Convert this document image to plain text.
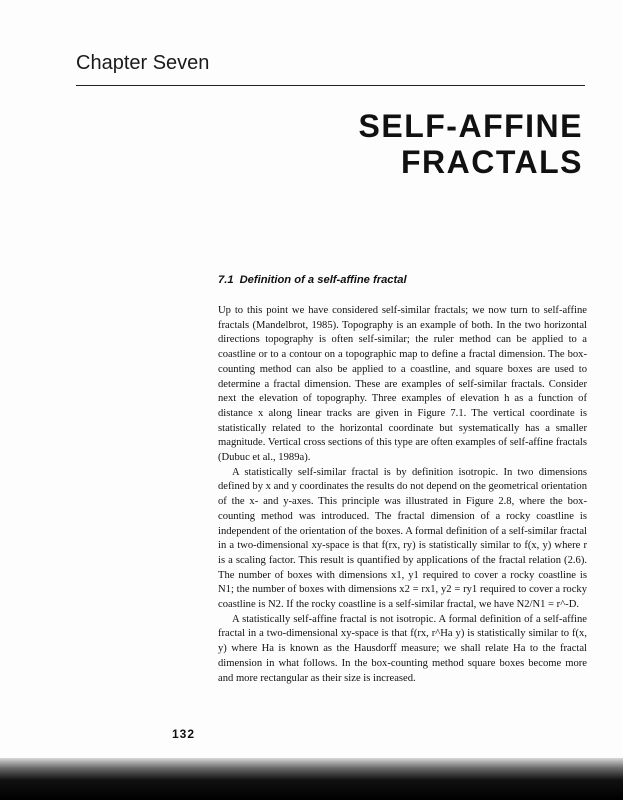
Chapter Seven
SELF-AFFINE
FRACTALS
7.1 Definition of a self-affine fractal

Up to this point we have considered self-similar fractals; we now turn to self-affine fractals (Mandelbrot, 1985). Topography is an example of both. In the two horizontal directions topography is often self-similar; the ruler method can be applied to a coastline or to a contour on a topographic map to define a fractal dimension. The box-counting method can also be applied to a coastline, and square boxes are used to determine a fractal dimension. These are examples of self-similar fractals. Consider next the elevation of topography. Three examples of elevation h as a function of distance x along linear tracks are given in Figure 7.1. The vertical coordinate is statistically related to the horizontal coordinate but systematically has a smaller magnitude. Vertical cross sections of this type are often examples of self-affine fractals (Dubuc et al., 1989a).

A statistically self-similar fractal is by definition isotropic. In two dimensions defined by x and y coordinates the results do not depend on the geometrical orientation of the x- and y-axes. This principle was illustrated in Figure 2.8, where the box-counting method was introduced. The fractal dimension of a rocky coastline is independent of the orientation of the boxes. A formal definition of a self-similar fractal in a two-dimensional xy-space is that f(rx, ry) is statistically similar to f(x, y) where r is a scaling factor. This result is quantified by applications of the fractal relation (2.6). The number of boxes with dimensions x1, y1 required to cover a rocky coastline is N1; the number of boxes with dimensions x2 = rx1, y2 = ry1 required to cover a rocky coastline is N2. If the rocky coastline is a self-similar fractal, we have N2/N1 = r^-D.

A statistically self-affine fractal is not isotropic. A formal definition of a self-affine fractal in a two-dimensional xy-space is that f(rx, r^Ha y) is statistically similar to f(x, y) where Ha is known as the Hausdorff measure; we shall relate Ha to the fractal dimension in what follows. In the box-counting method square boxes become more and more rectangular as their size is increased.

132
